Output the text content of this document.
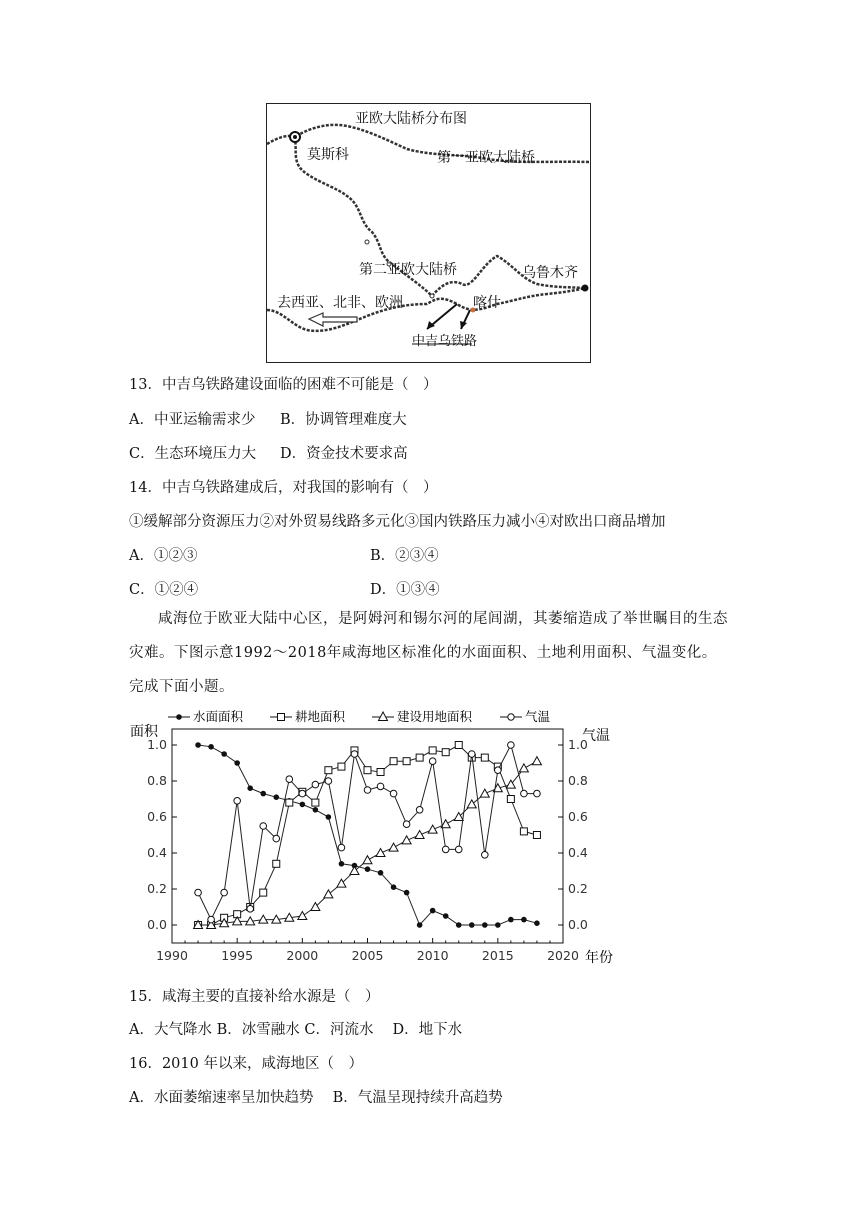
亚欧大陆桥分布图
莫斯科	第一亚欧大陆桥
第二亚欧大陆桥	乌鲁木齐
去西亚、北非、欧洲	喀什
中吉乌铁路
13．中吉乌铁路建设面临的困难不可能是（　）
A．中亚运输需求少 B．协调管理难度大
C．生态环境压力大 D．资金技术要求高
14．中吉乌铁路建成后，对我国的影响有（　）
①缓解部分资源压力②对外贸易线路多元化③国内铁路压力减小④对欧出口商品增加
A．①②③	B．②③④
C．①②④	D．①③④
咸海位于欧亚大陆中心区，是阿姆河和锡尔河的尾闾湖，其萎缩造成了举世瞩目的生态灾难。下图示意1992～2018年咸海地区标准化的水面面积、土地利用面积、气温变化。完成下面小题。
水面面积	耕地面积	建设用地面积	气温
面积	气温
年份
1990	1995	2000	2005	2010	2015	2020
0.0	0.0
0.2	0.2
0.4	0.4
0.6	0.6
0.8	0.8
1.0	1.0
15．咸海主要的直接补给水源是（　）
A．大气降水 B．冰雪融水 C．河流水　 D．地下水
16．2010 年以来，咸海地区（　）
A．水面萎缩速率呈加快趋势　 B．气温呈现持续升高趋势
